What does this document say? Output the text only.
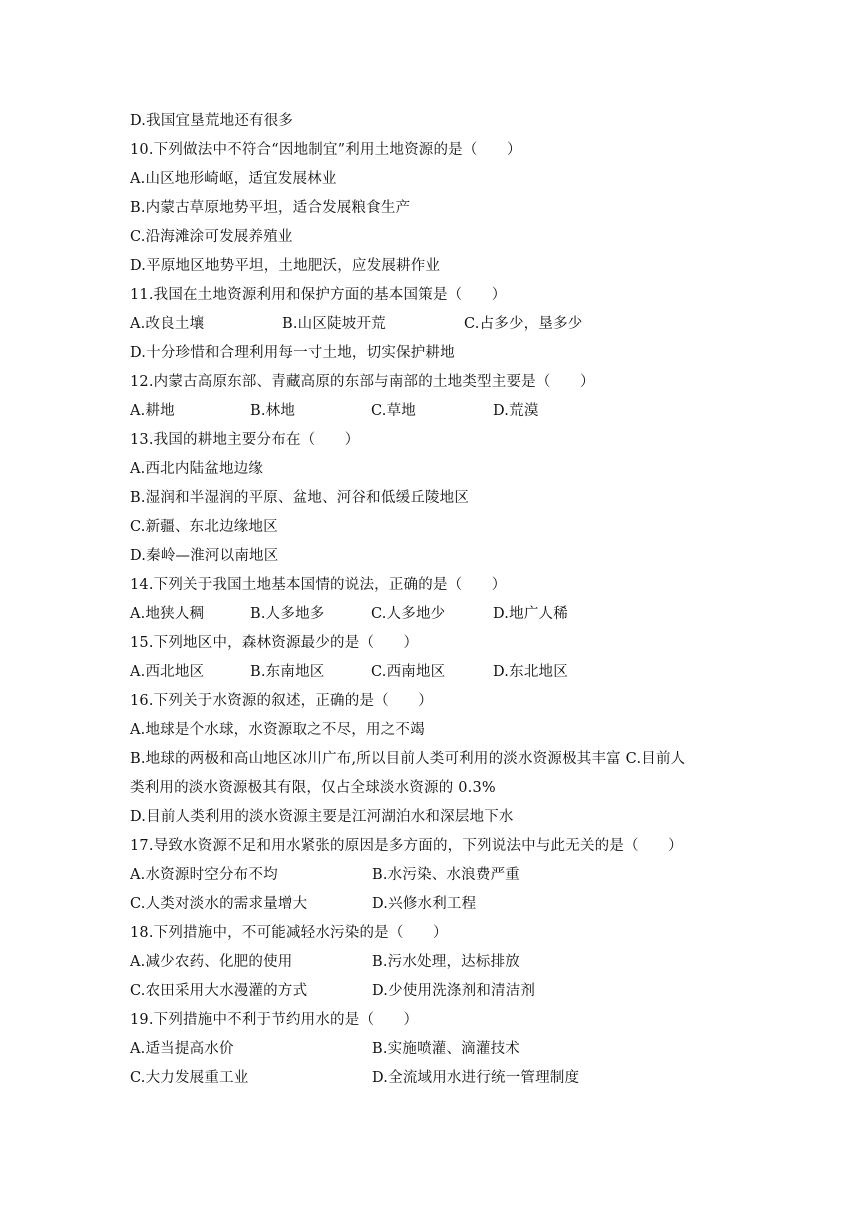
D.我国宜垦荒地还有很多
10.下列做法中不符合“因地制宜”利用土地资源的是（　　）
A.山区地形崎岖，适宜发展林业
B.内蒙古草原地势平坦，适合发展粮食生产
C.沿海滩涂可发展养殖业
D.平原地区地势平坦，土地肥沃，应发展耕作业
11.我国在土地资源利用和保护方面的基本国策是（　　）
A.改良土壤	B.山区陡坡开荒	C.占多少，垦多少
D.十分珍惜和合理利用每一寸土地，切实保护耕地
12.内蒙古高原东部、青藏高原的东部与南部的土地类型主要是（　　）
A.耕地	B.林地	C.草地	D.荒漠
13.我国的耕地主要分布在（　　）
A.西北内陆盆地边缘
B.湿润和半湿润的平原、盆地、河谷和低缓丘陵地区
C.新疆、东北边缘地区
D.秦岭—淮河以南地区
14.下列关于我国土地基本国情的说法，正确的是（　　）
A.地狭人稠	B.人多地多	C.人多地少	D.地广人稀
15.下列地区中，森林资源最少的是（　　）
A.西北地区	B.东南地区	C.西南地区	D.东北地区
16.下列关于水资源的叙述，正确的是（　　）
A.地球是个水球，水资源取之不尽，用之不竭
B.地球的两极和高山地区冰川广布,所以目前人类可利用的淡水资源极其丰富 C.目前人
类利用的淡水资源极其有限，仅占全球淡水资源的 0.3%
D.目前人类利用的淡水资源主要是江河湖泊水和深层地下水
17.导致水资源不足和用水紧张的原因是多方面的，下列说法中与此无关的是（　　）
A.水资源时空分布不均	B.水污染、水浪费严重
C.人类对淡水的需求量增大	D.兴修水利工程
18.下列措施中，不可能减轻水污染的是（　　）
A.减少农药、化肥的使用	B.污水处理，达标排放
C.农田采用大水漫灌的方式	D.少使用洗涤剂和清洁剂
19.下列措施中不利于节约用水的是（　　）
A.适当提高水价	B.实施喷灌、滴灌技术
C.大力发展重工业	D.全流域用水进行统一管理制度
